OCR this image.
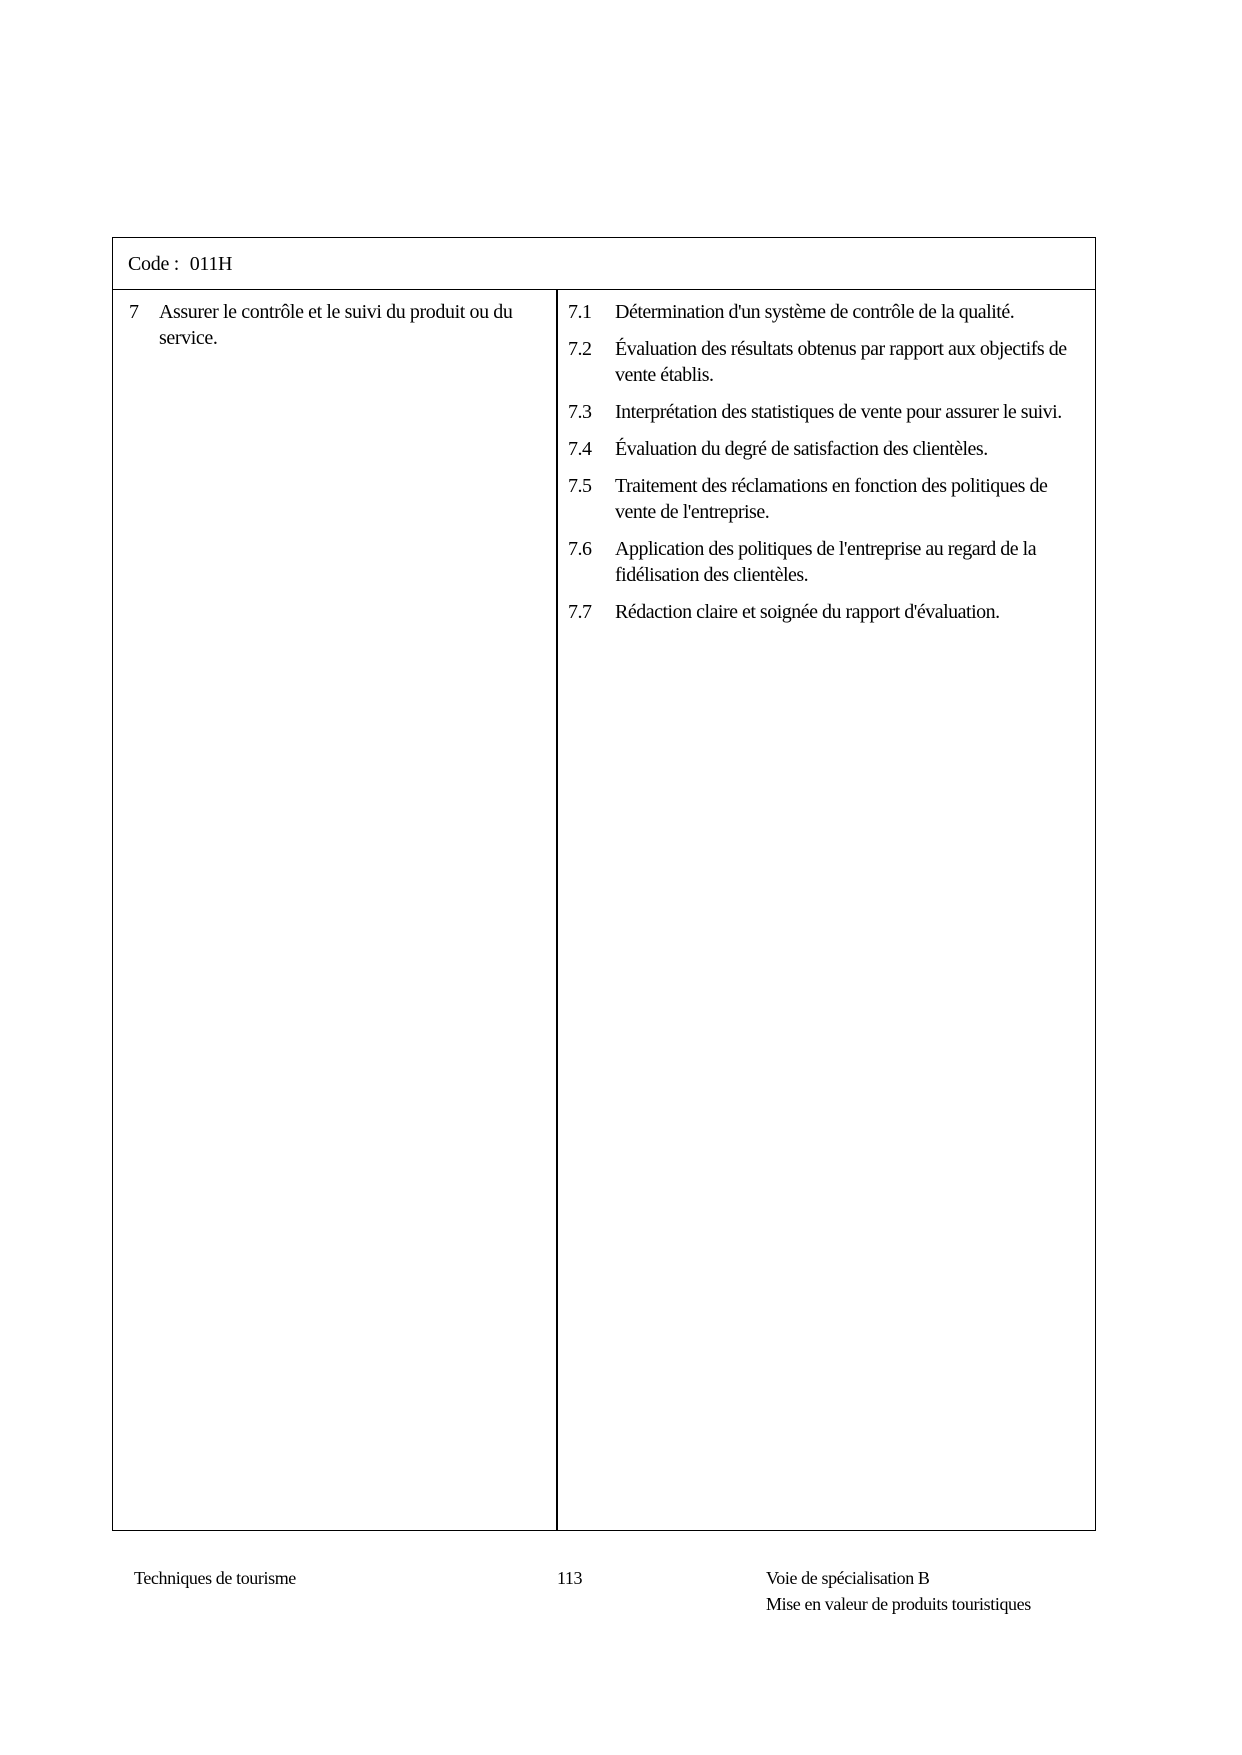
Code : 011H
7	Assurer le contrôle et le suivi du produit ou du service.
7.1	Détermination d'un système de contrôle de la qualité.
7.2	Évaluation des résultats obtenus par rapport aux objectifs de vente établis.
7.3	Interprétation des statistiques de vente pour assurer le suivi.
7.4	Évaluation du degré de satisfaction des clientèles.
7.5	Traitement des réclamations en fonction des politiques de vente de l'entreprise.
7.6	Application des politiques de l'entreprise au regard de la fidélisation des clientèles.
7.7	Rédaction claire et soignée du rapport d'évaluation.
Techniques de tourisme	113	Voie de spécialisation B
Mise en valeur de produits touristiques
